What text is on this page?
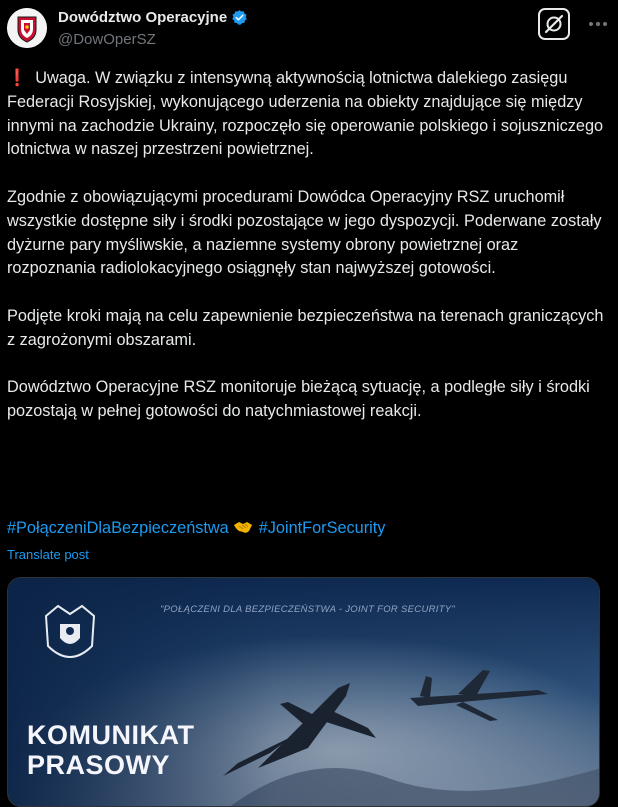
Dowództwo Operacyjne
@DowOperSZ

❗ Uwaga. W związku z intensywną aktywnością lotnictwa dalekiego zasięgu Federacji Rosyjskiej, wykonującego uderzenia na obiekty znajdujące się między innymi na zachodzie Ukrainy, rozpoczęło się operowanie polskiego i sojuszniczego lotnictwa w naszej przestrzeni powietrznej.

Zgodnie z obowiązującymi procedurami Dowódca Operacyjny RSZ uruchomił wszystkie dostępne siły i środki pozostające w jego dyspozycji. Poderwane zostały dyżurne pary myśliwskie, a naziemne systemy obrony powietrznej oraz rozpoznania radiolokacyjnego osiągnęły stan najwyższej gotowości.

Podjęte kroki mają na celu zapewnienie bezpieczeństwa na terenach graniczących z zagrożonymi obszarami.

Dowództwo Operacyjne RSZ monitoruje bieżącą sytuację, a podległe siły i środki pozostają w pełnej gotowości do natychmiastowej reakcji.

#PołączeniDlaBezpieczeństwa #JointForSecurity
Translate post
"POŁĄCZENI DLA BEZPIECZEŃSTWA - JOINT FOR SECURITY"
KOMUNIKAT
PRASOWY
